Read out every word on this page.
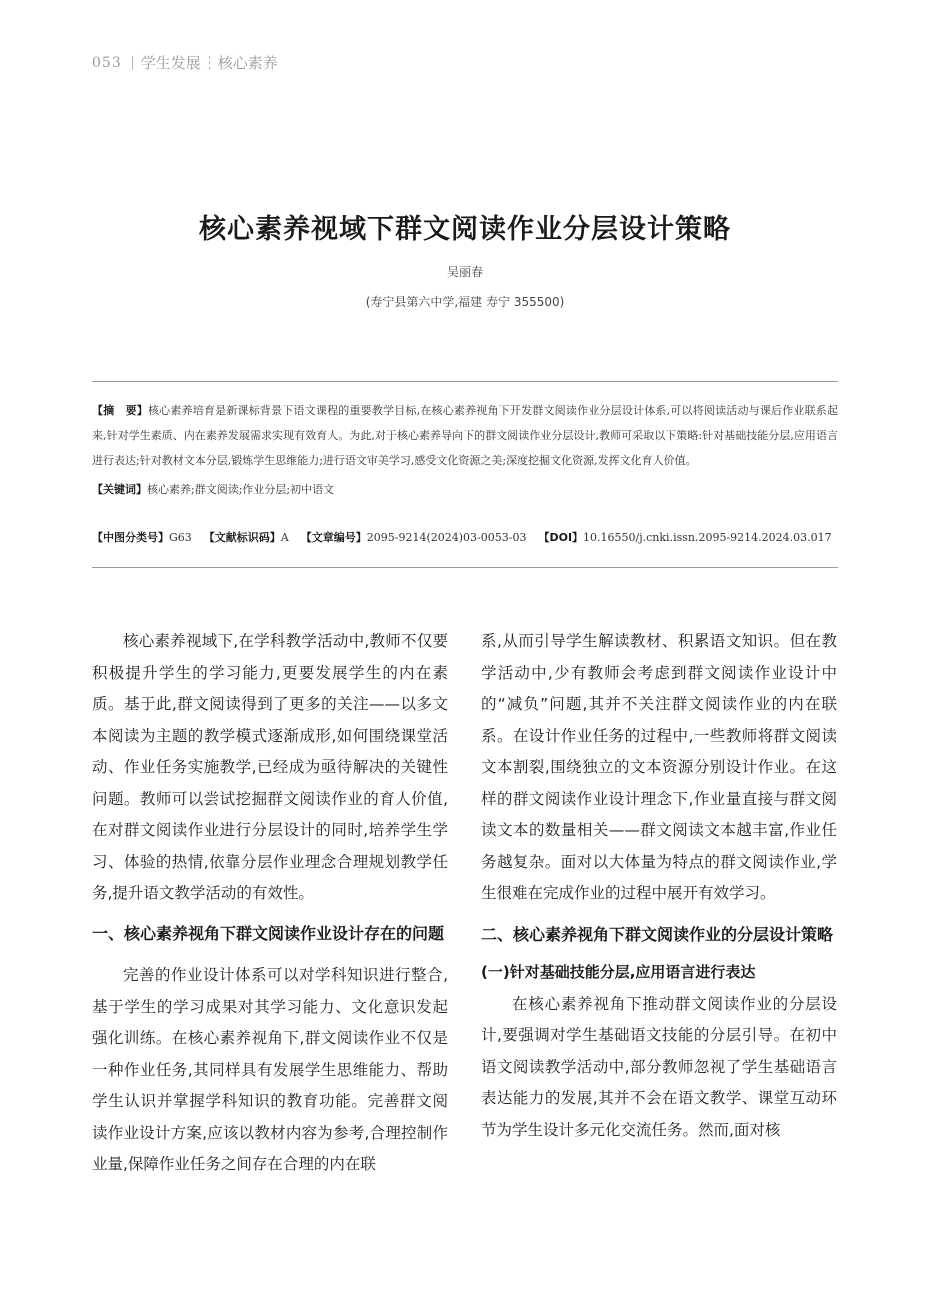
053 学生发展 核心素养
核心素养视域下群文阅读作业分层设计策略
吴丽春
(寿宁县第六中学,福建 寿宁 355500)

【摘　要】核心素养培育是新课标背景下语文课程的重要教学目标,在核心素养视角下开发群文阅读作业分层设计体系,可以将阅读活动与课后作业联系起来,针对学生素质、内在素养发展需求实现有效育人。为此,对于核心素养导向下的群文阅读作业分层设计,教师可采取以下策略:针对基础技能分层,应用语言进行表达;针对教材文本分层,锻炼学生思维能力;进行语文审美学习,感受文化资源之美;深度挖掘文化资源,发挥文化育人价值。

【关键词】核心素养;群文阅读;作业分层;初中语文

【中图分类号】G63 【文献标识码】A 【文章编号】2095-9214(2024)03-0053-03 【DOI】10.16550/j.cnki.issn.2095-9214.2024.03.017

核心素养视域下,在学科教学活动中,教师不仅要积极提升学生的学习能力,更要发展学生的内在素质。基于此,群文阅读得到了更多的关注——以多文本阅读为主题的教学模式逐渐成形,如何围绕课堂活动、作业任务实施教学,已经成为亟待解决的关键性问题。教师可以尝试挖掘群文阅读作业的育人价值,在对群文阅读作业进行分层设计的同时,培养学生学习、体验的热情,依靠分层作业理念合理规划教学任务,提升语文教学活动的有效性。

一、核心素养视角下群文阅读作业设计存在的问题

完善的作业设计体系可以对学科知识进行整合,基于学生的学习成果对其学习能力、文化意识发起强化训练。在核心素养视角下,群文阅读作业不仅是一种作业任务,其同样具有发展学生思维能力、帮助学生认识并掌握学科知识的教育功能。完善群文阅读作业设计方案,应该以教材内容为参考,合理控制作业量,保障作业任务之间存在合理的内在联

系,从而引导学生解读教材、积累语文知识。但在教学活动中,少有教师会考虑到群文阅读作业设计中的“减负”问题,其并不关注群文阅读作业的内在联系。在设计作业任务的过程中,一些教师将群文阅读文本割裂,围绕独立的文本资源分别设计作业。在这样的群文阅读作业设计理念下,作业量直接与群文阅读文本的数量相关——群文阅读文本越丰富,作业任务越复杂。面对以大体量为特点的群文阅读作业,学生很难在完成作业的过程中展开有效学习。

二、核心素养视角下群文阅读作业的分层设计策略
(一)针对基础技能分层,应用语言进行表达

在核心素养视角下推动群文阅读作业的分层设计,要强调对学生基础语文技能的分层引导。在初中语文阅读教学活动中,部分教师忽视了学生基础语言表达能力的发展,其并不会在语文教学、课堂互动环节为学生设计多元化交流任务。然而,面对核
